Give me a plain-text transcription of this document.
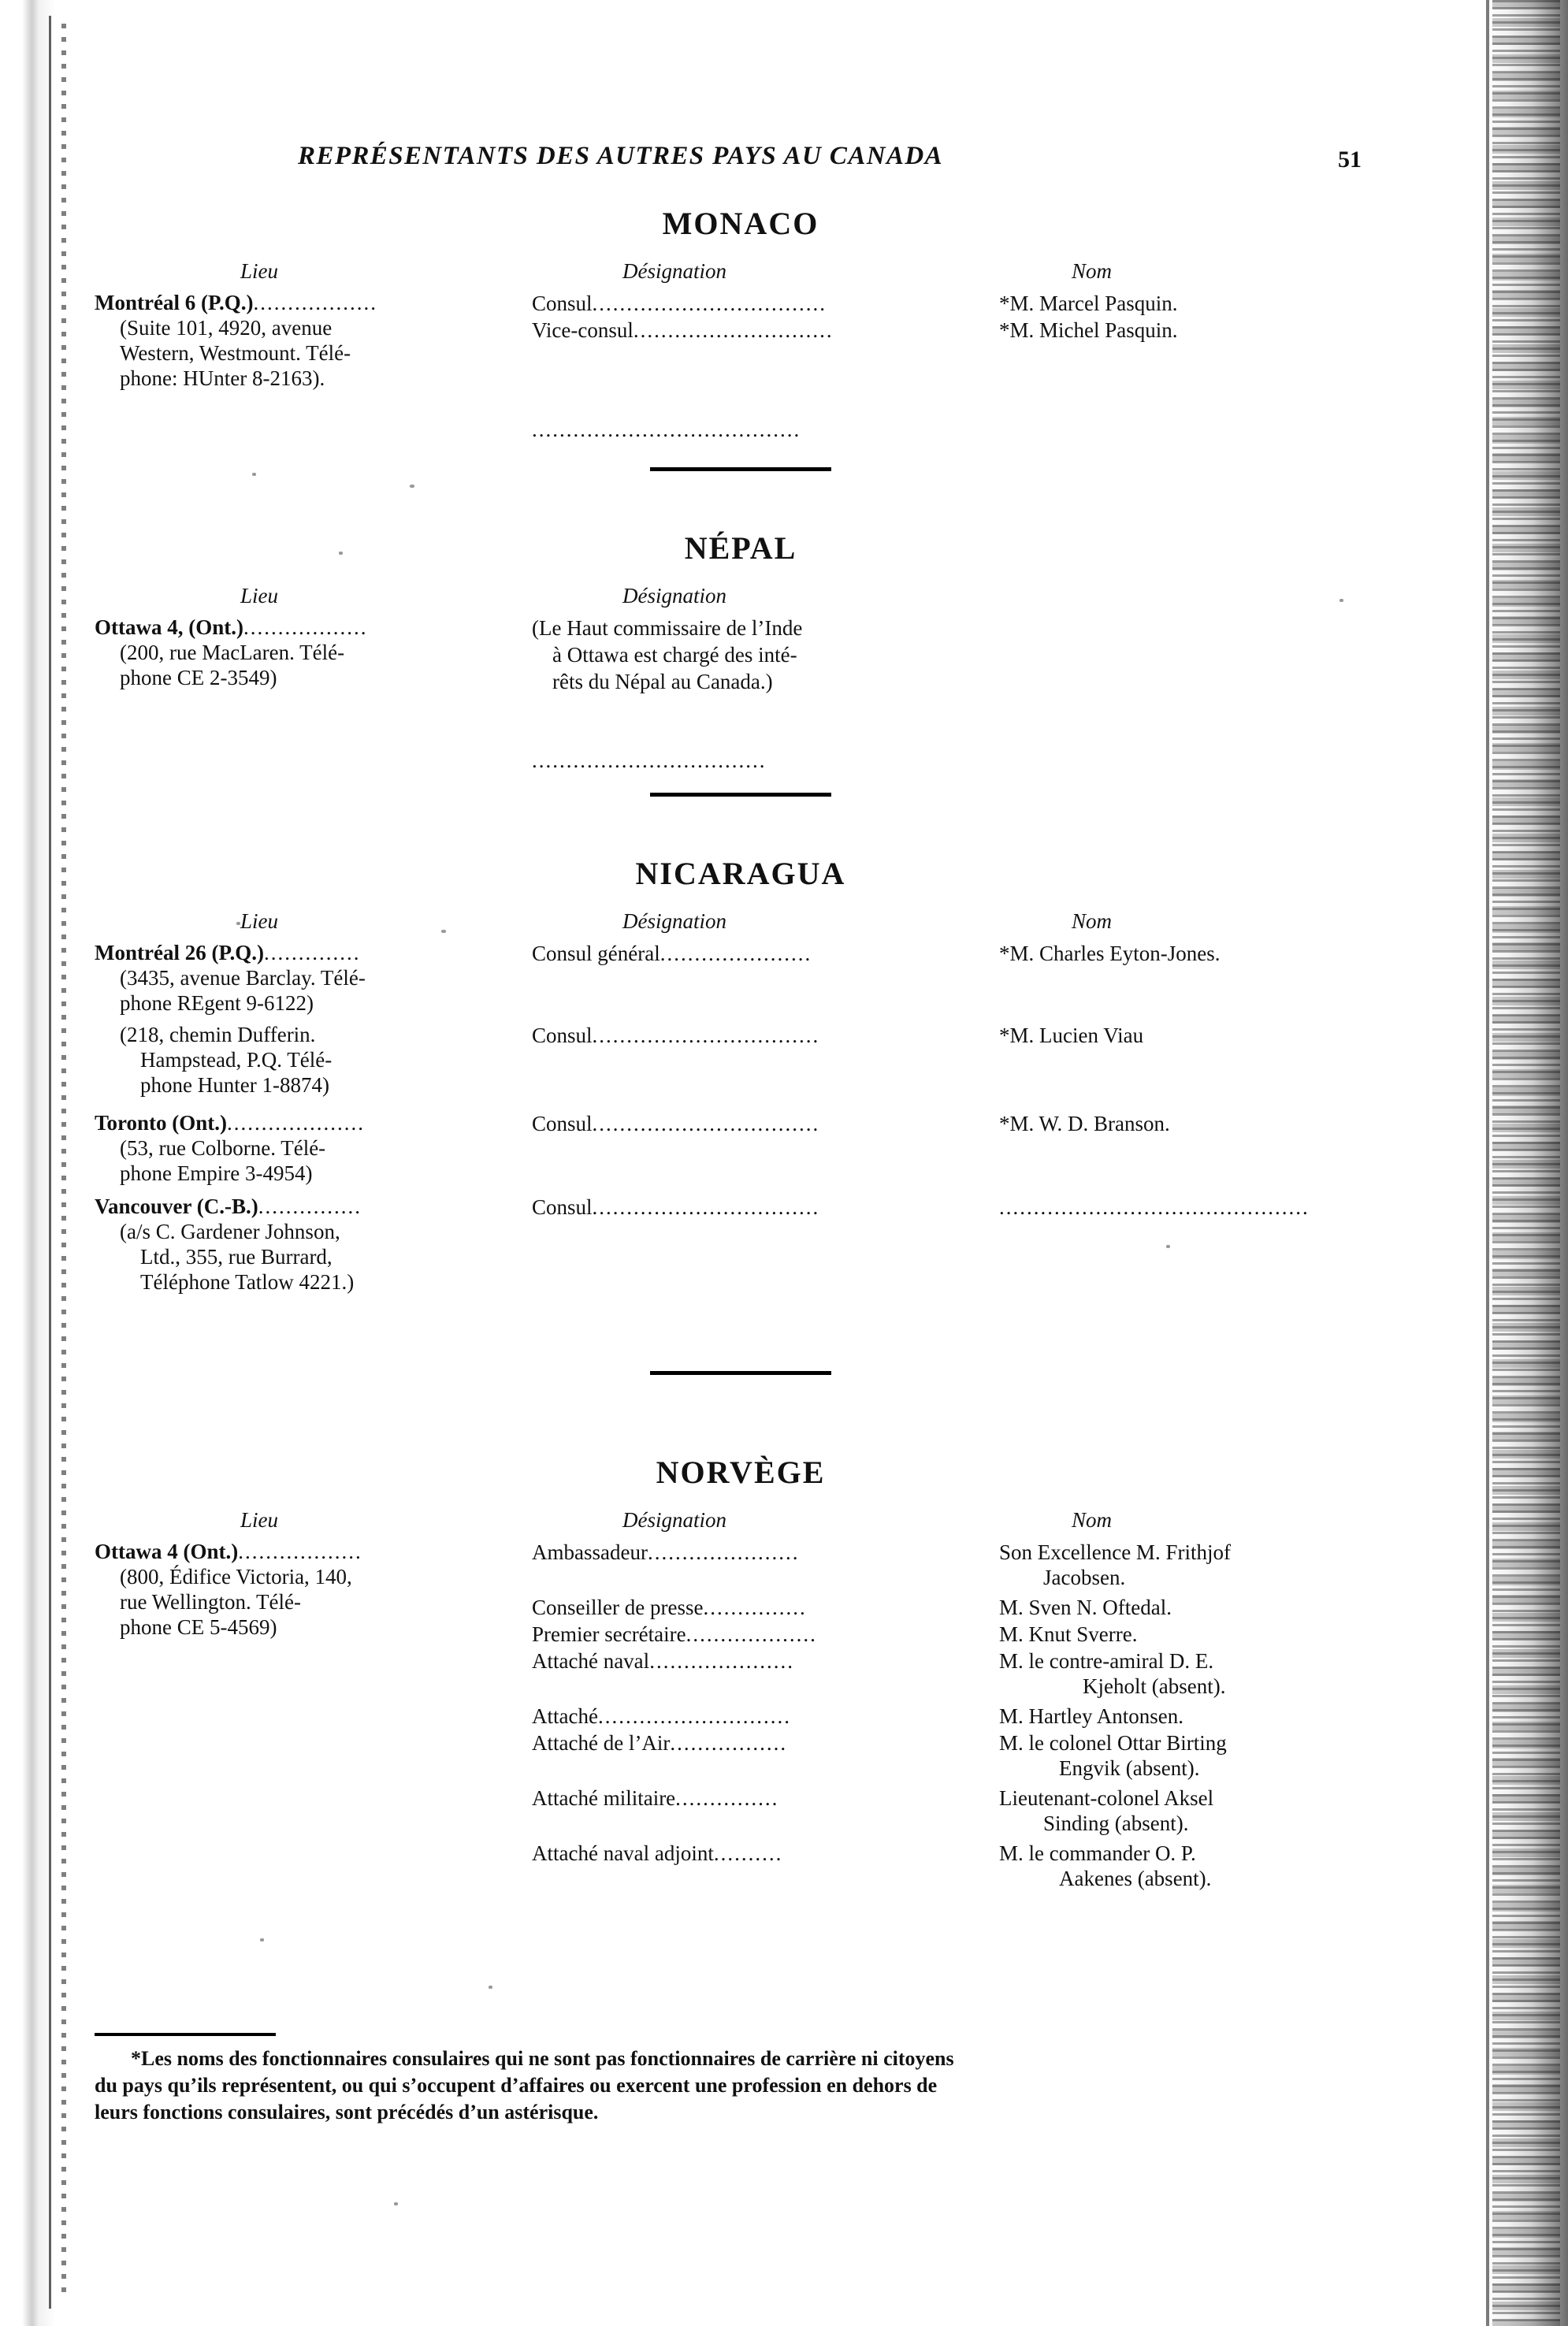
REPRÉSENTANTS DES AUTRES PAYS AU CANADA	51
MONACO
Lieu	Désignation	Nom
Montréal 6 (P.Q.)..................
(Suite 101, 4920, avenue
Western, Westmount. Télé-
phone: HUnter 8-2163).
Consul..................................	*M. Marcel Pasquin.
Vice-consul.............................	*M. Michel Pasquin.
.......................................
NÉPAL
Lieu	Désignation
Ottawa 4, (Ont.)..................
(200, rue MacLaren. Télé-
phone CE 2-3549)
(Le Haut commissaire de l’Inde
à Ottawa est chargé des inté-
rêts du Népal au Canada.)
..................................
NICARAGUA
Lieu	Désignation	Nom
Montréal 26 (P.Q.)..............
(3435, avenue Barclay. Télé-
phone REgent 9-6122)
Consul général......................	*M. Charles Eyton-Jones.
(218, chemin Dufferin.
Hampstead, P.Q. Télé-
phone Hunter 1-8874)
Consul.................................	*M. Lucien Viau
Toronto (Ont.)....................
(53, rue Colborne. Télé-
phone Empire 3-4954)
Consul.................................	*M. W. D. Branson.
Vancouver (C.-B.)...............
(a/s C. Gardener Johnson,
Ltd., 355, rue Burrard,
Téléphone Tatlow 4221.)
Consul.................................	.............................................
NORVÈGE
Lieu	Désignation	Nom
Ottawa 4 (Ont.)..................
(800, Édifice Victoria, 140,
rue Wellington. Télé-
phone CE 5-4569)
Ambassadeur......................	Son Excellence M. Frithjof
Jacobsen.
Conseiller de presse...............	M. Sven N. Oftedal.
Premier secrétaire...................	M. Knut Sverre.
Attaché naval.....................	M. le contre-amiral D. E.
Kjeholt (absent).
Attaché............................	M. Hartley Antonsen.
Attaché de l’Air.................	M. le colonel Ottar Birting
Engvik (absent).
Attaché militaire...............	Lieutenant-colonel Aksel
Sinding (absent).
Attaché naval adjoint..........	M. le commander O. P.
Aakenes (absent).

*Les noms des fonctionnaires consulaires qui ne sont pas fonctionnaires de carrière ni citoyens

du pays qu’ils représentent, ou qui s’occupent d’affaires ou exercent une profession en dehors de

leurs fonctions consulaires, sont précédés d’un astérisque.
